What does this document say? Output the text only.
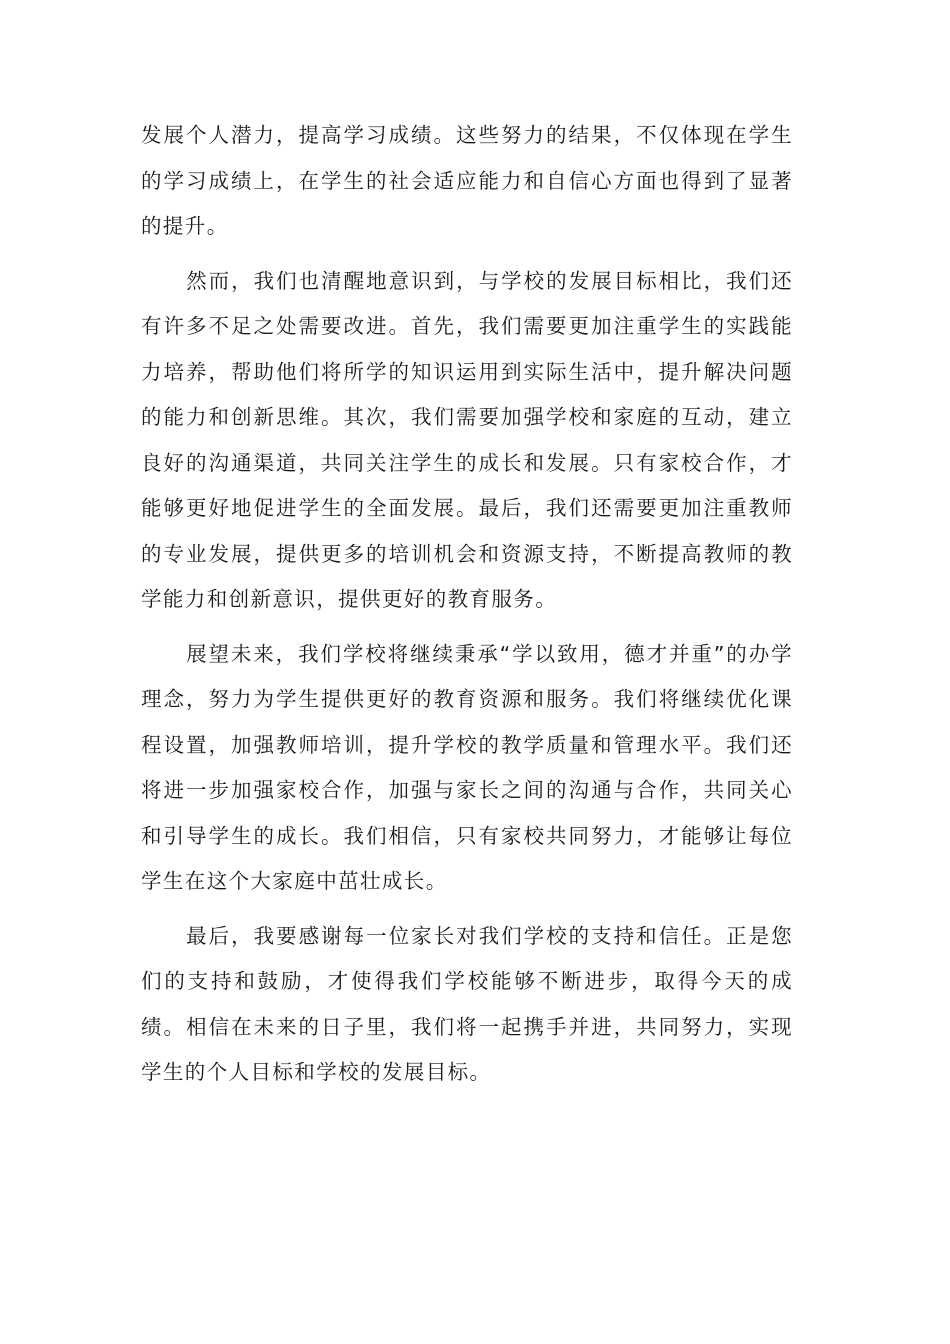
发展个人潜力，提高学习成绩。这些努力的结果，不仅体现在学生的学习成绩上，在学生的社会适应能力和自信心方面也得到了显著的提升。

然而，我们也清醒地意识到，与学校的发展目标相比，我们还有许多不足之处需要改进。首先，我们需要更加注重学生的实践能力培养，帮助他们将所学的知识运用到实际生活中，提升解决问题的能力和创新思维。其次，我们需要加强学校和家庭的互动，建立良好的沟通渠道，共同关注学生的成长和发展。只有家校合作，才能够更好地促进学生的全面发展。最后，我们还需要更加注重教师的专业发展，提供更多的培训机会和资源支持，不断提高教师的教学能力和创新意识，提供更好的教育服务。

展望未来，我们学校将继续秉承“学以致用，德才并重”的办学理念，努力为学生提供更好的教育资源和服务。我们将继续优化课程设置，加强教师培训，提升学校的教学质量和管理水平。我们还将进一步加强家校合作，加强与家长之间的沟通与合作，共同关心和引导学生的成长。我们相信，只有家校共同努力，才能够让每位学生在这个大家庭中茁壮成长。

最后，我要感谢每一位家长对我们学校的支持和信任。正是您们的支持和鼓励，才使得我们学校能够不断进步，取得今天的成绩。相信在未来的日子里，我们将一起携手并进，共同努力，实现学生的个人目标和学校的发展目标。
